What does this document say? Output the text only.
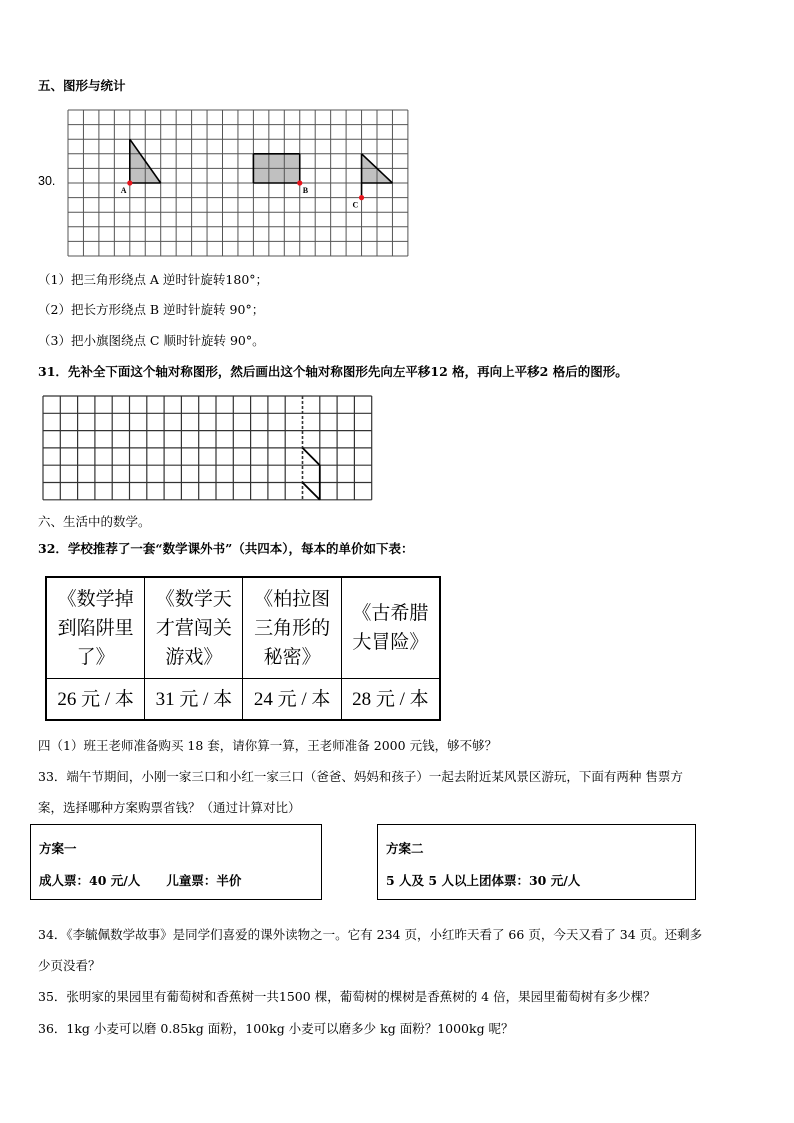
五、图形与统计
30.
A	B
C
（1）把三角形绕点 A 逆时针旋转180°；
（2）把长方形绕点 B 逆时针旋转 90°；
（3）把小旗图绕点 C 顺时针旋转 90°。
31．先补全下面这个轴对称图形，然后画出这个轴对称图形先向左平移12 格，再向上平移2 格后的图形。
六、生活中的数学。
32．学校推荐了一套“数学课外书”（共四本），每本的单价如下表：
《数学掉
到陷阱里
了》	《数学天
才营闯关
游戏》	《柏拉图
三角形的
秘密》	《古希腊
大冒险》
26 元 / 本	31 元 / 本	24 元 / 本	28 元 / 本
四（1）班王老师准备购买 18 套，请你算一算，王老师准备 2000 元钱，够不够？
33．端午节期间，小刚一家三口和小红一家三口（爸爸、妈妈和孩子）一起去附近某风景区游玩，下面有两种 售票方
案，选择哪种方案购票省钱？（通过计算对比）
方案一
成人票：40 元/人      儿童票：半价
方案二
5 人及 5 人以上团体票：30 元/人
34．《李毓佩数学故事》是同学们喜爱的课外读物之一。它有 234 页，小红昨天看了 66 页，今天又看了 34 页。还剩多
少页没看？
35．张明家的果园里有葡萄树和香蕉树一共1500 棵，葡萄树的棵树是香蕉树的 4 倍，果园里葡萄树有多少棵？
36．1kg 小麦可以磨 0.85kg 面粉，100kg 小麦可以磨多少 kg 面粉？1000kg 呢？
